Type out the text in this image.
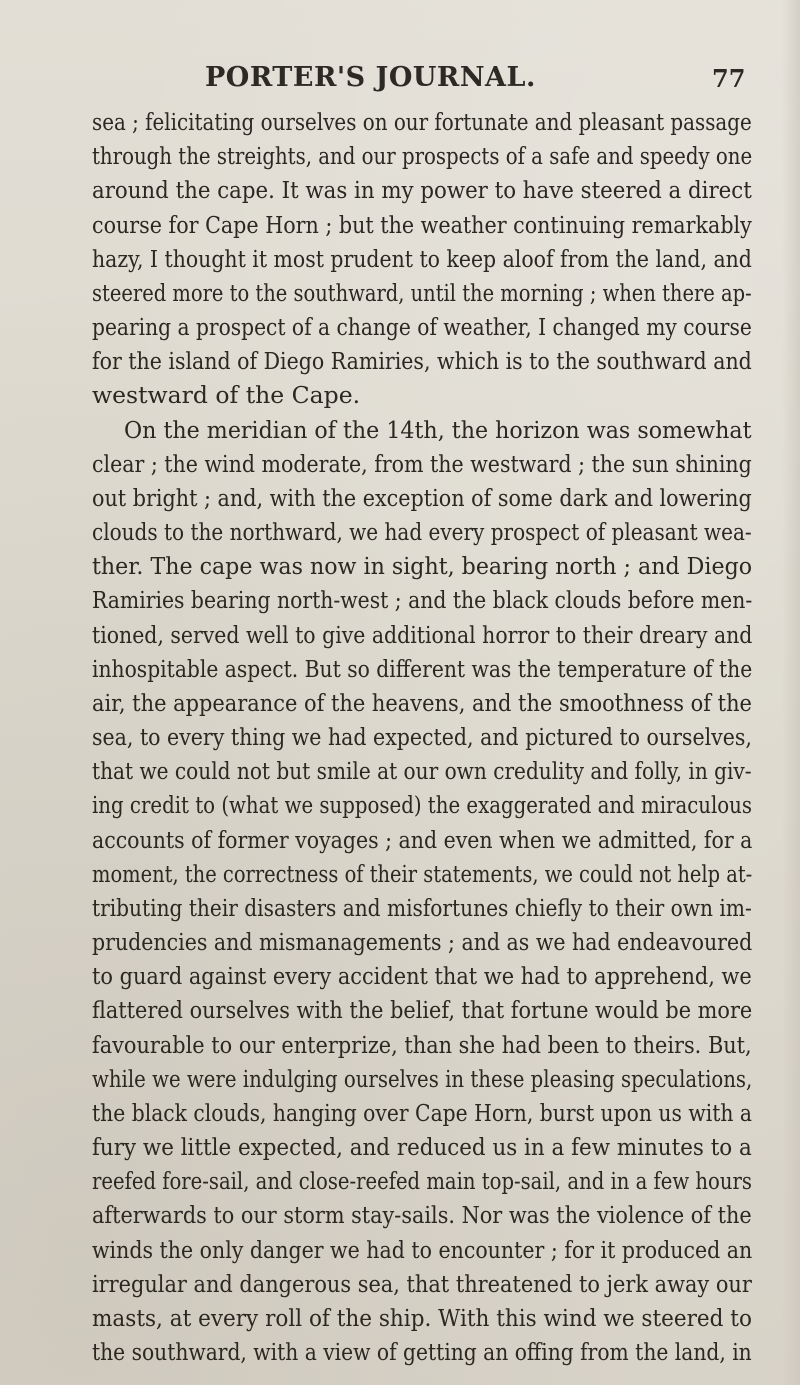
PORTER'S JOURNAL.	77
sea ; felicitating ourselves on our fortunate and pleasant passage
through the streights, and our prospects of a safe and speedy one
around the cape. It was in my power to have steered a direct
course for Cape Horn ; but the weather continuing remarkably
hazy, I thought it most prudent to keep aloof from the land, and
steered more to the southward, until the morning ; when there ap-
pearing a prospect of a change of weather, I changed my course
for the island of Diego Ramiries, which is to the southward and
westward of the Cape.
On the meridian of the 14th, the horizon was somewhat
clear ; the wind moderate, from the westward ; the sun shining
out bright ; and, with the exception of some dark and lowering
clouds to the northward, we had every prospect of pleasant wea-
ther. The cape was now in sight, bearing north ; and Diego
Ramiries bearing north-west ; and the black clouds before men-
tioned, served well to give additional horror to their dreary and
inhospitable aspect. But so different was the temperature of the
air, the appearance of the heavens, and the smoothness of the
sea, to every thing we had expected, and pictured to ourselves,
that we could not but smile at our own credulity and folly, in giv-
ing credit to (what we supposed) the exaggerated and miraculous
accounts of former voyages ; and even when we admitted, for a
moment, the correctness of their statements, we could not help at-
tributing their disasters and misfortunes chiefly to their own im-
prudencies and mismanagements ; and as we had endeavoured
to guard against every accident that we had to apprehend, we
flattered ourselves with the belief, that fortune would be more
favourable to our enterprize, than she had been to theirs. But,
while we were indulging ourselves in these pleasing speculations,
the black clouds, hanging over Cape Horn, burst upon us with a
fury we little expected, and reduced us in a few minutes to a
reefed fore-sail, and close-reefed main top-sail, and in a few hours
afterwards to our storm stay-sails. Nor was the violence of the
winds the only danger we had to encounter ; for it produced an
irregular and dangerous sea, that threatened to jerk away our
masts, at every roll of the ship. With this wind we steered to
the southward, with a view of getting an offing from the land, in
